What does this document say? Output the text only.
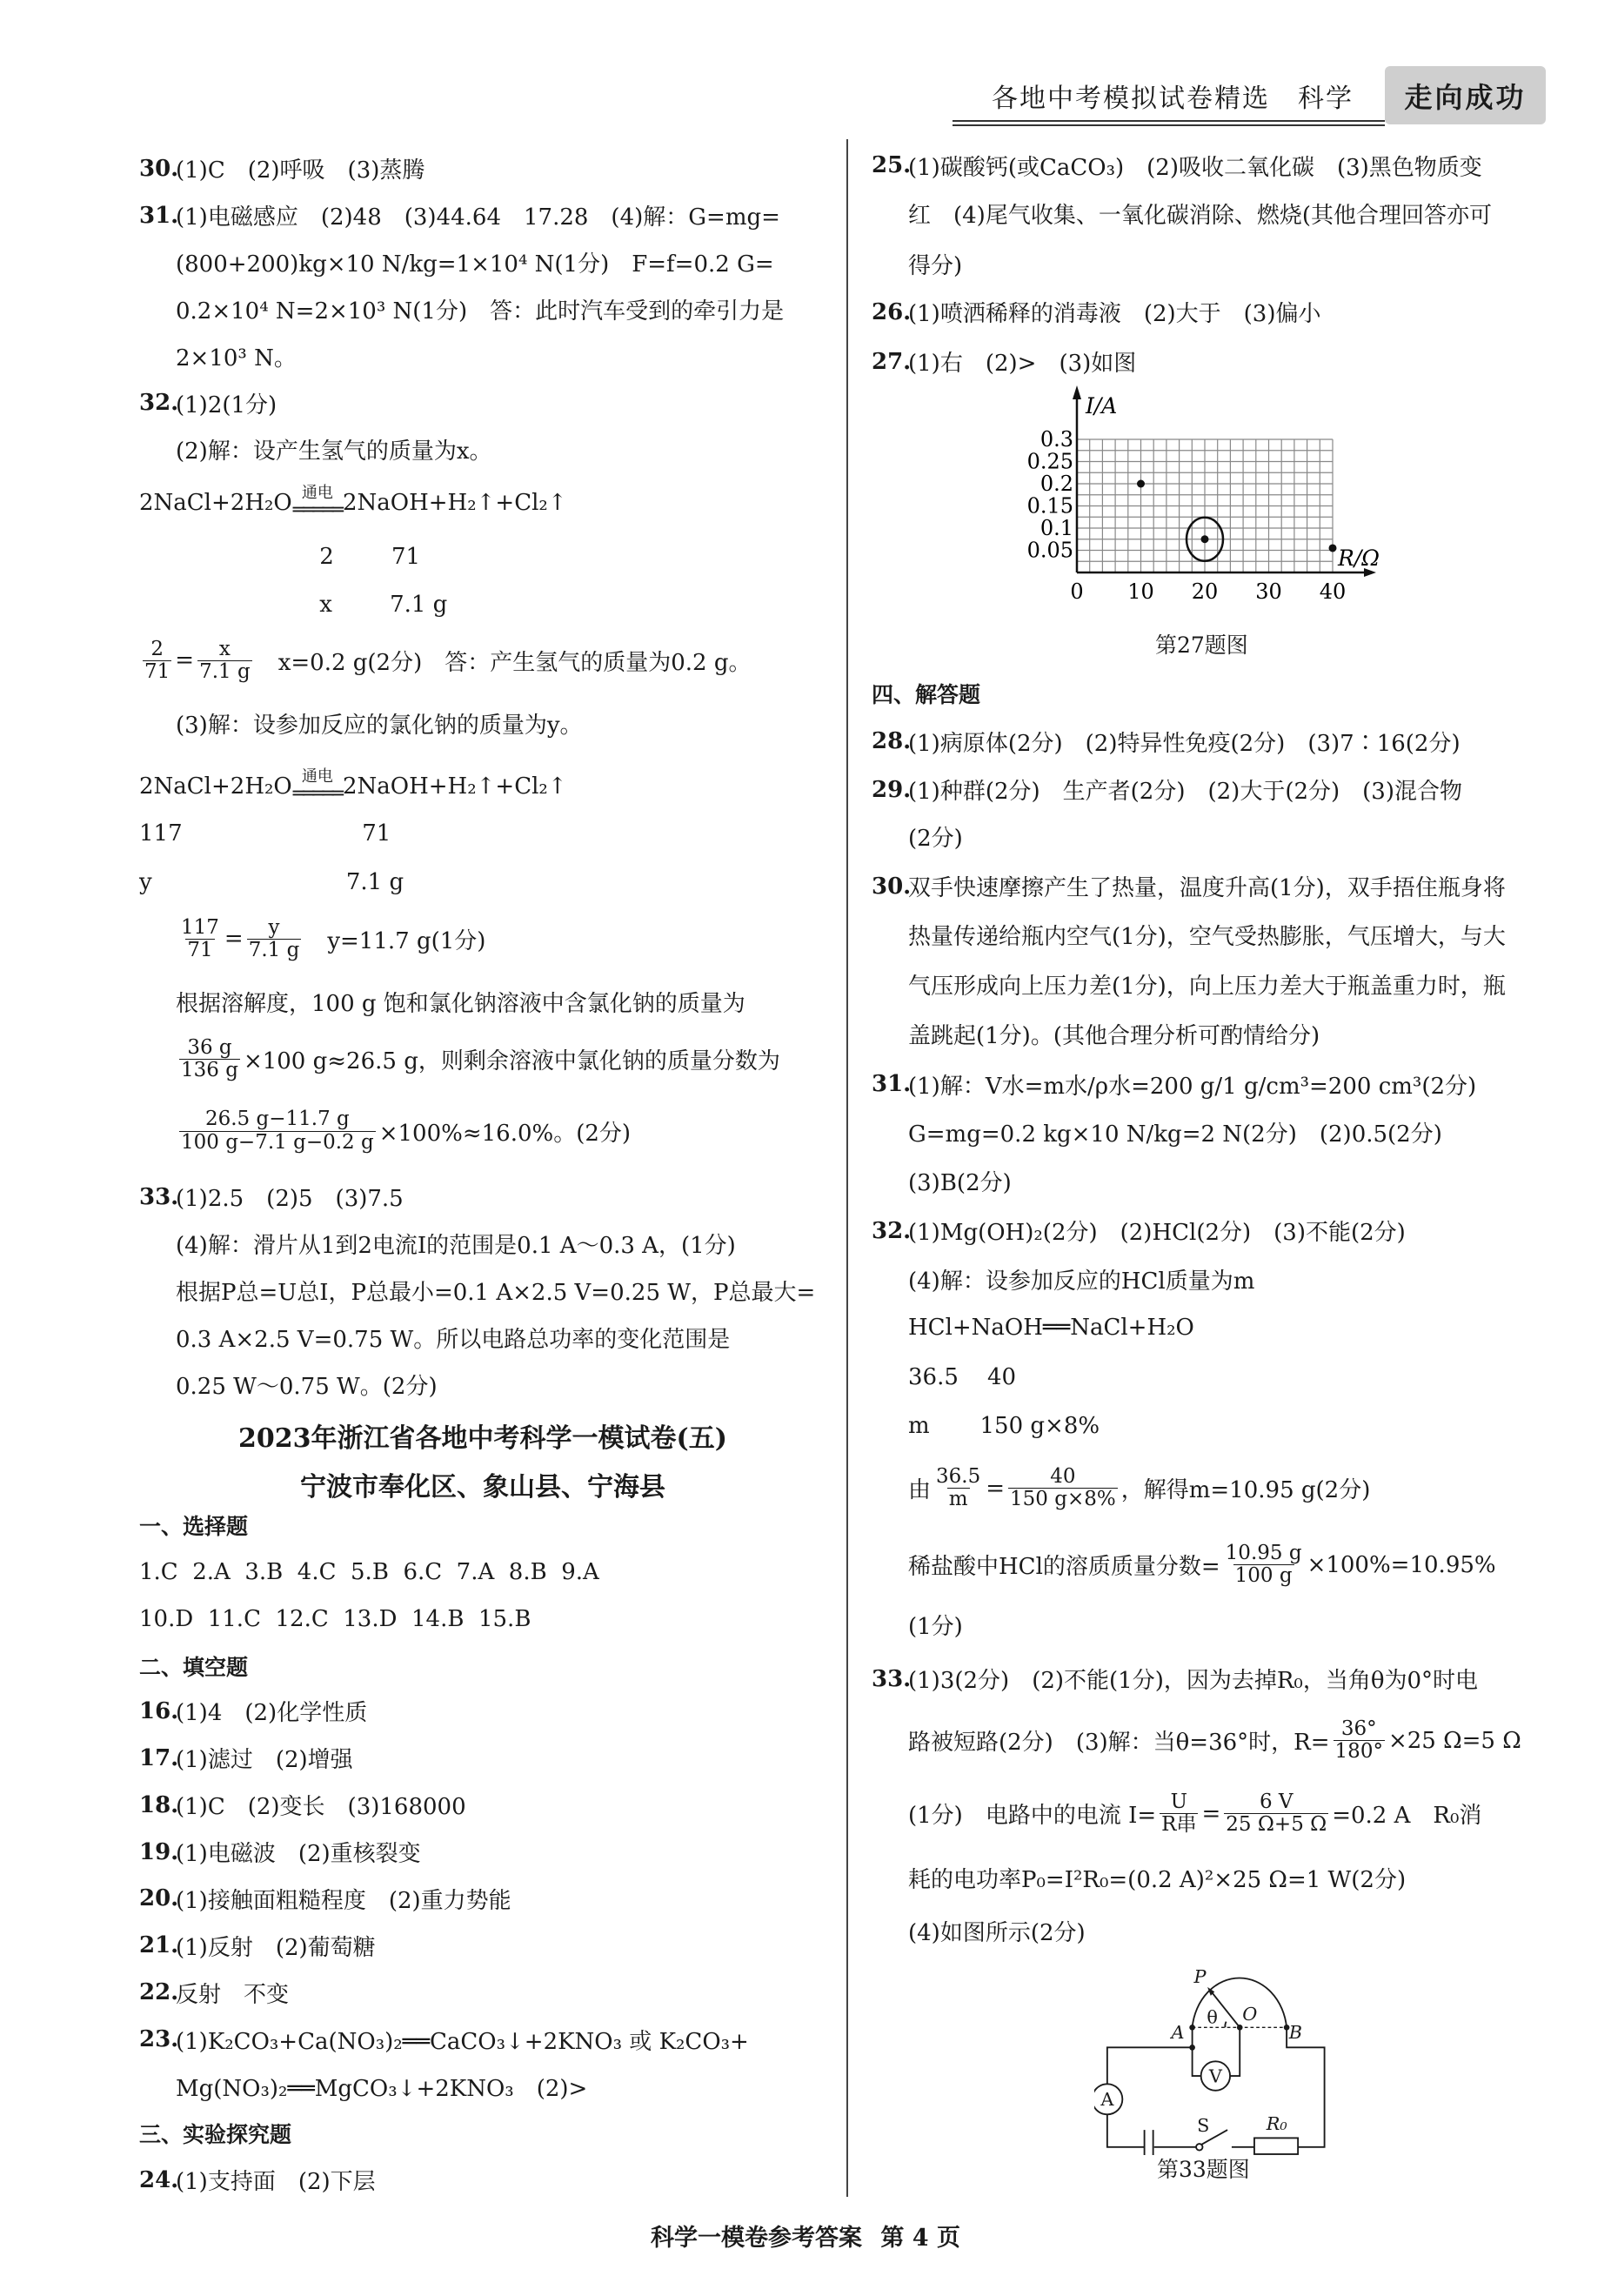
各地中考模拟试卷精选　科学	走向成功
30.
(1)C　(2)呼吸　(3)蒸腾
31.
(1)电磁感应　(2)48　(3)44.64　17.28　(4)解：G=mg=
(800+200)kg×10 N/kg=1×10⁴ N(1分)　F=f=0.2 G=
0.2×10⁴ N=2×10³ N(1分)　答：此时汽车受到的牵引力是
2×10³ N。
32.
(1)2(1分)
(2)解：设产生氢气的质量为x。
2NaCl+2H₂O 通电
═════ 2NaOH+H₂↑+Cl₂↑
2        71
x        7.1 g
$\frac{2}{71} = \frac{x}{7.1 g}$ 　x=0.2 g(2分)　答：产生氢气的质量为0.2 g。
(3)解：设参加反应的氯化钠的质量为y。
2NaCl+2H₂O 通电
═════ 2NaOH+H₂↑+Cl₂↑
117                         71
y                           7.1 g
$\frac{117}{71} = \frac{y}{7.1 g}$ 　y=11.7 g(1分)
根据溶解度，100 g 饱和氯化钠溶液中含氯化钠的质量为
$\frac{36 g}{136 g} \times 100$ g≈26.5 g，则剩余溶液中氯化钠的质量分数为
$\frac{26.5 g-11.7 g}{100 g-7.1 g-0.2 g} \times 100\%\approx 16.0\%$。(2分)
33.
(1)2.5　(2)5　(3)7.5
(4)解：滑片从1到2电流I的范围是0.1 A～0.3 A，(1分)
根据P总=U总I，P总最小=0.1 A×2.5 V=0.25 W，P总最大=
0.3 A×2.5 V=0.75 W。所以电路总功率的变化范围是
0.25 W～0.75 W。(2分)
2023年浙江省各地中考科学一模试卷(五)
宁波市奉化区、象山县、宁海县
一、选择题
1.C  2.A  3.B  4.C  5.B  6.C  7.A  8.B  9.A
10.D  11.C  12.C  13.D  14.B  15.B
二、填空题
16.
(1)4　(2)化学性质
17.
(1)滤过　(2)增强
18.
(1)C　(2)变长　(3)168000
19.
(1)电磁波　(2)重核裂变
20.
(1)接触面粗糙程度　(2)重力势能
21.
(1)反射　(2)葡萄糖
22.
反射　不变
23.
(1)K₂CO₃+Ca(NO₃)₂══CaCO₃↓+2KNO₃ 或 K₂CO₃+
Mg(NO₃)₂══MgCO₃↓+2KNO₃　(2)>
三、实验探究题
24.
(1)支持面　(2)下层
25.
(1)碳酸钙(或CaCO₃)　(2)吸收二氧化碳　(3)黑色物质变
红　(4)尾气收集、一氧化碳消除、燃烧(其他合理回答亦可
得分)
26.
(1)喷洒稀释的消毒液　(2)大于　(3)偏小
27.
(1)右　(2)>　(3)如图
四、解答题
28.
(1)病原体(2分)　(2)特异性免疫(2分)　(3)7∶16(2分)
29.
(1)种群(2分)　生产者(2分)　(2)大于(2分)　(3)混合物
(2分)
30.
双手快速摩擦产生了热量，温度升高(1分)，双手捂住瓶身将
热量传递给瓶内空气(1分)，空气受热膨胀，气压增大，与大
气压形成向上压力差(1分)，向上压力差大于瓶盖重力时，瓶
盖跳起(1分)。(其他合理分析可酌情给分)
31.
(1)解：V水=m水/ρ水=200 g/1 g/cm³=200 cm³(2分)
G=mg=0.2 kg×10 N/kg=2 N(2分)　(2)0.5(2分)
(3)B(2分)
32.
(1)Mg(OH)₂(2分)　(2)HCl(2分)　(3)不能(2分)
(4)解：设参加反应的HCl质量为m
HCl+NaOH══NaCl+H₂O
36.5    40
m       150 g×8%
由 $\frac{36.5}{m} = \frac{40}{150 g\times 8\%}$ ，解得m=10.95 g(2分)
稀盐酸中HCl的溶质质量分数= $\frac{10.95 g}{100 g} \times 100\%=10.95\%$
(1分)
33.
(1)3(2分)　(2)不能(1分)，因为去掉R₀，当角θ为0°时电
路被短路(2分)　(3)解：当θ=36°时，$R= \frac{36^\circ}{180^\circ} \times 25$ Ω=5 Ω
(1分)　电路中的电流 $I= \frac{U}{\text{R串}} = \frac{6 V}{25 \Omega+5 \Omega} =0.2$ A　R₀消
耗的电功率P₀=I²R₀=(0.2 A)²×25 Ω=1 W(2分)
(4)如图所示(2分)
0 10 20 30 40
0.05
0.1
0.15
0.2
0.25
0.3
I/A
R/Ω
第27题图
P
θ O
A B
V
A
S R₀
第33题图
科学一模卷参考答案 第 4 页
